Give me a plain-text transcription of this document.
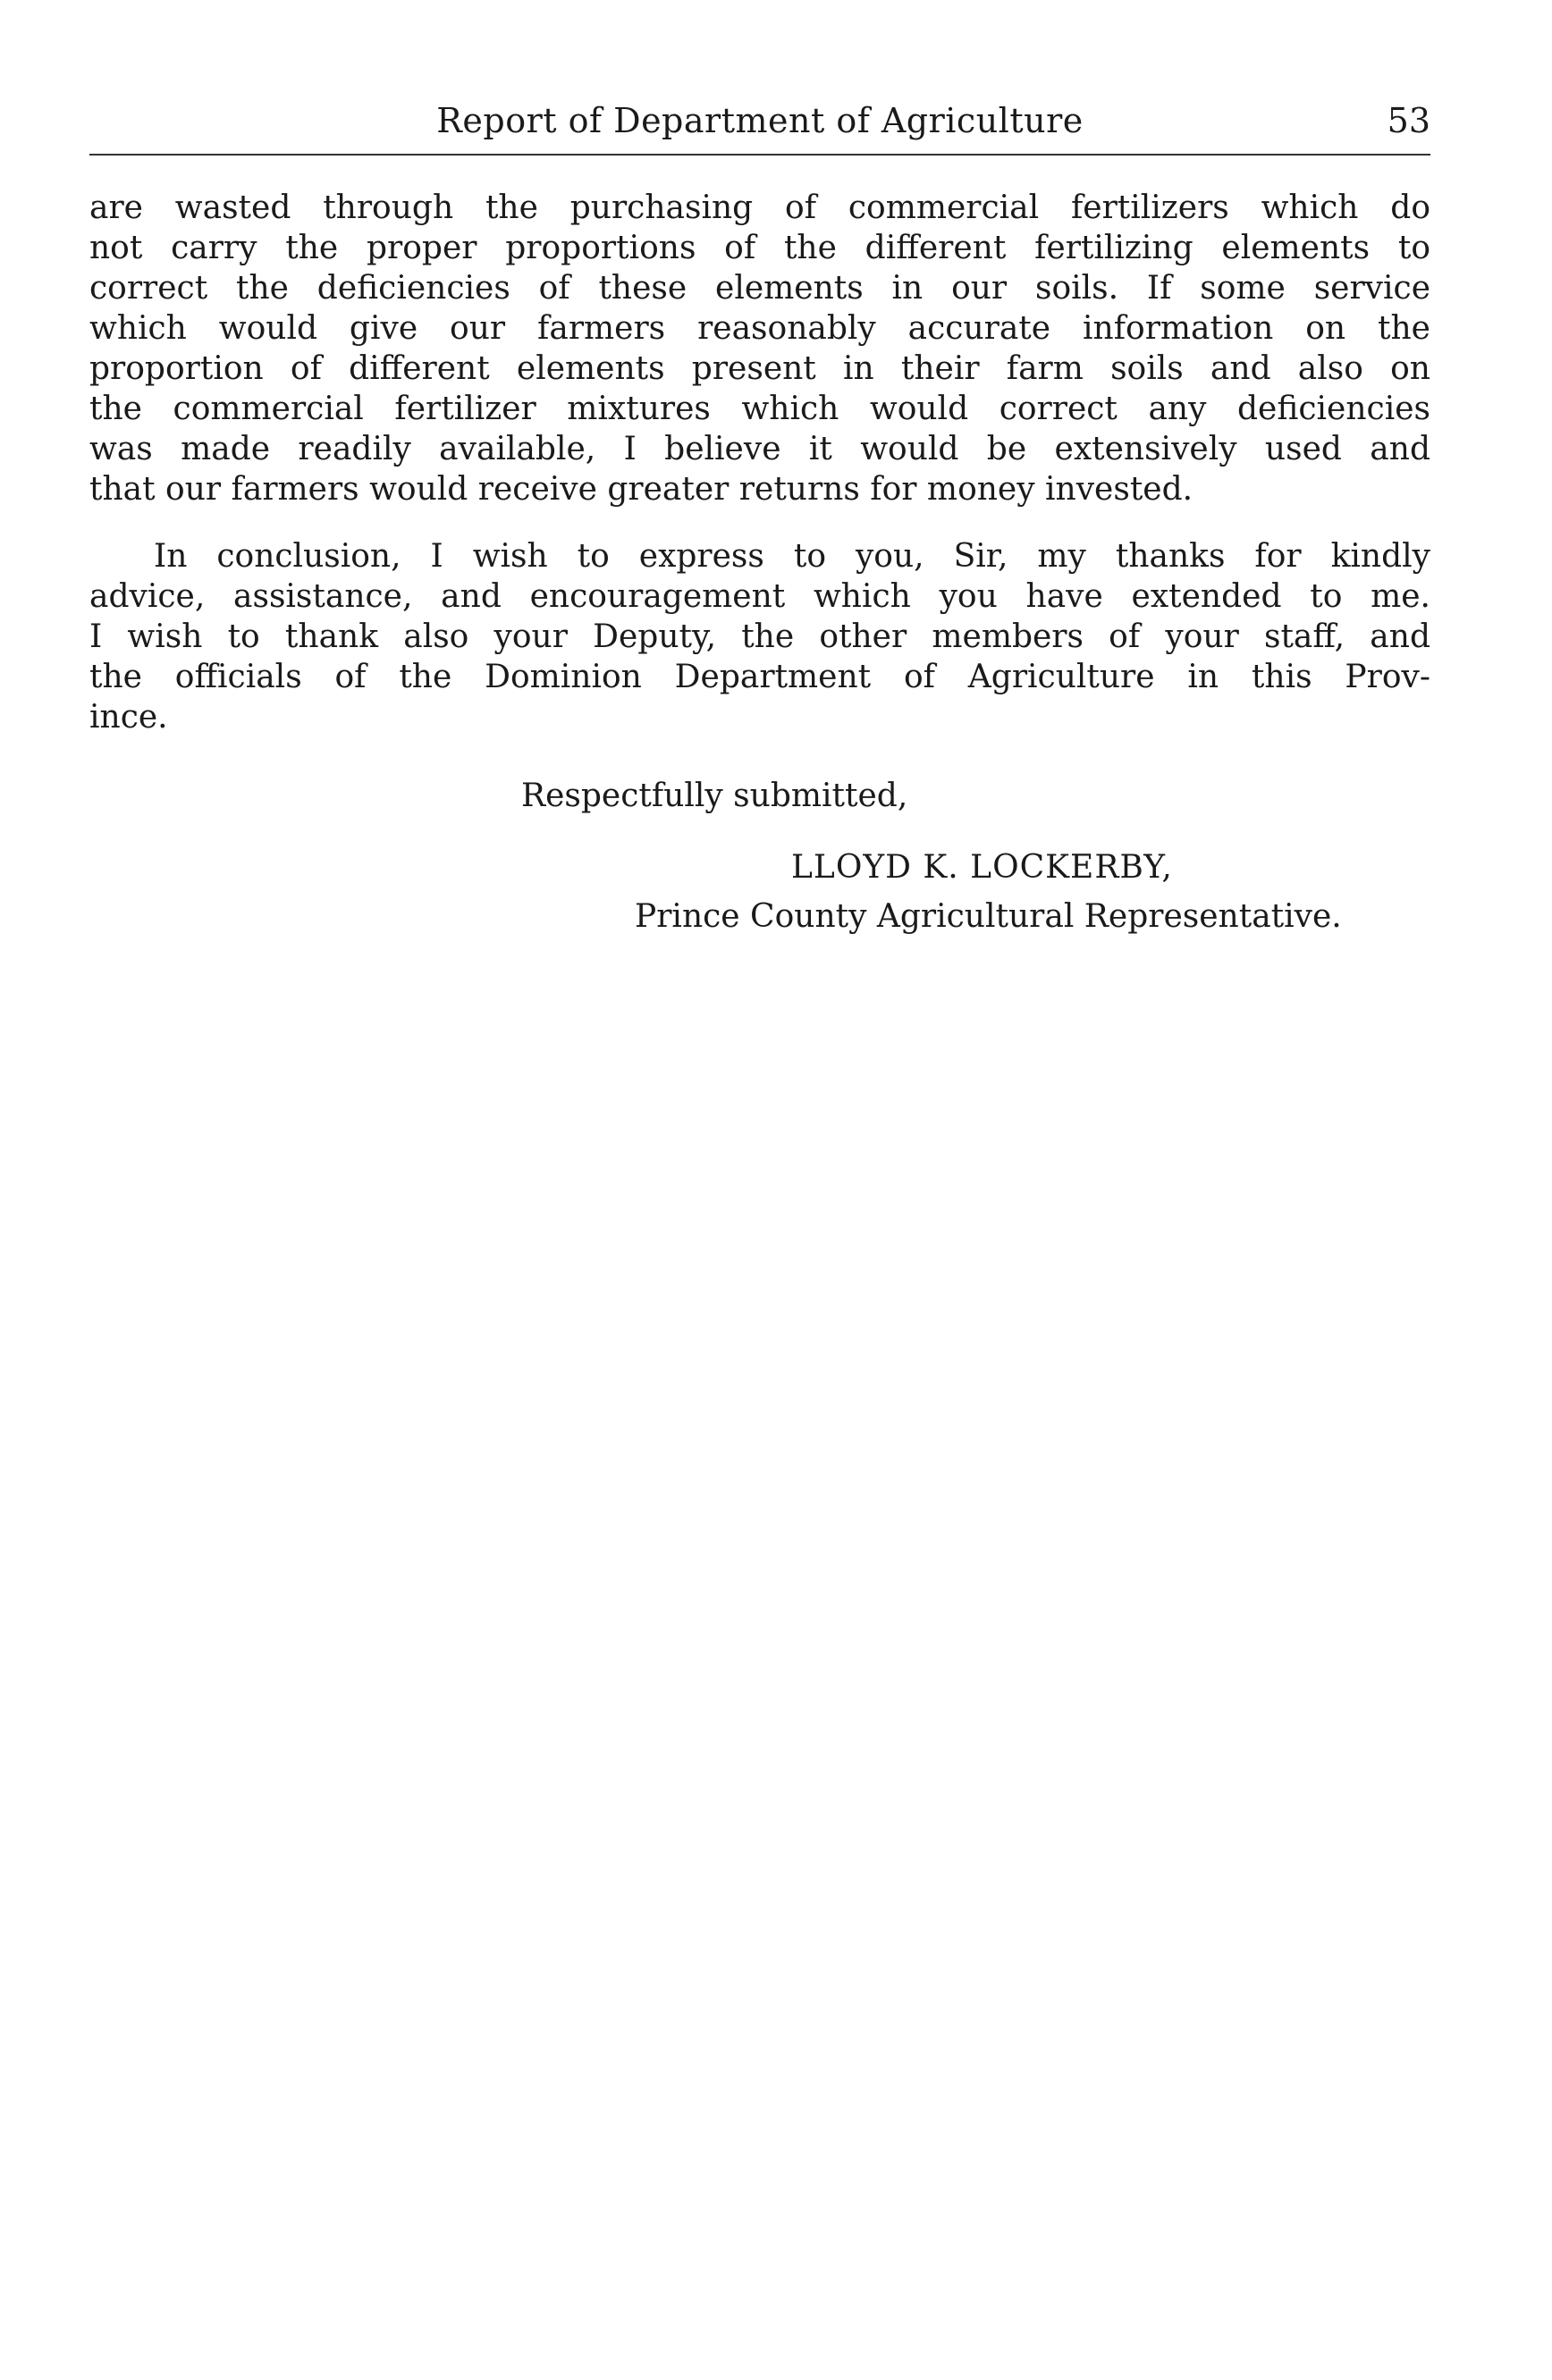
Report of Department of Agriculture	53
are wasted through the purchasing of commercial fertilizers which do
not carry the proper proportions of the different fertilizing elements to
correct the deficiencies of these elements in our soils. If some service
which would give our farmers reasonably accurate information on the
proportion of different elements present in their farm soils and also on
the commercial fertilizer mixtures which would correct any deficiencies
was made readily available, I believe it would be extensively used and
that our farmers would receive greater returns for money invested.
In conclusion, I wish to express to you, Sir, my thanks for kindly
advice, assistance, and encouragement which you have extended to me.
I wish to thank also your Deputy, the other members of your staff, and
the officials of the Dominion Department of Agriculture in this Prov-
ince.
Respectfully submitted,
LLOYD K. LOCKERBY,
Prince County Agricultural Representative.
